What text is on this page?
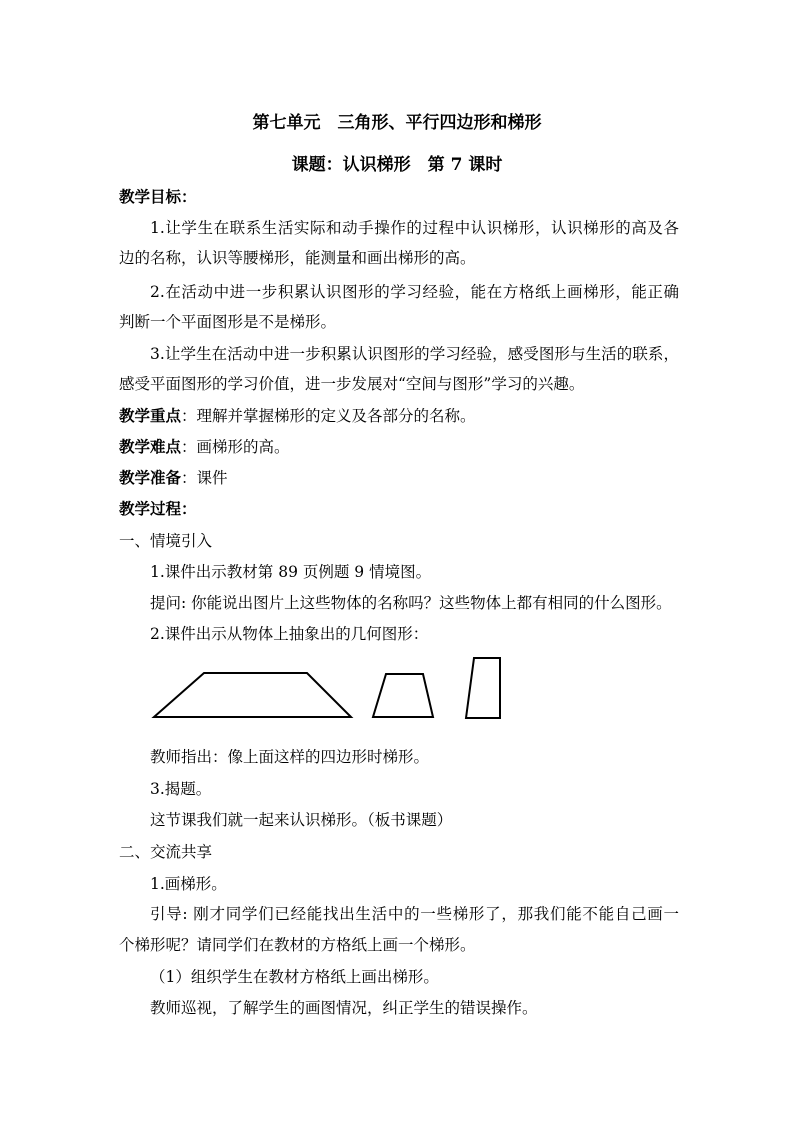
第七单元　三角形、平行四边形和梯形
课题：认识梯形　第 7 课时
教学目标：
1.让学生在联系生活实际和动手操作的过程中认识梯形，认识梯形的高及各
边的名称，认识等腰梯形，能测量和画出梯形的高。
2.在活动中进一步积累认识图形的学习经验，能在方格纸上画梯形，能正确
判断一个平面图形是不是梯形。
3.让学生在活动中进一步积累认识图形的学习经验，感受图形与生活的联系，
感受平面图形的学习价值，进一步发展对“空间与图形”学习的兴趣。
教学重点：理解并掌握梯形的定义及各部分的名称。
教学难点：画梯形的高。
教学准备：课件
教学过程：
一、情境引入
1.课件出示教材第 89 页例题 9 情境图。
提问: 你能说出图片上这些物体的名称吗？这些物体上都有相同的什么图形。
2.课件出示从物体上抽象出的几何图形：
教师指出：像上面这样的四边形时梯形。
3.揭题。
这节课我们就一起来认识梯形。（板书课题）
二、交流共享
1.画梯形。
引导: 刚才同学们已经能找出生活中的一些梯形了，那我们能不能自己画一
个梯形呢？请同学们在教材的方格纸上画一个梯形。
（1）组织学生在教材方格纸上画出梯形。
教师巡视，了解学生的画图情况，纠正学生的错误操作。
